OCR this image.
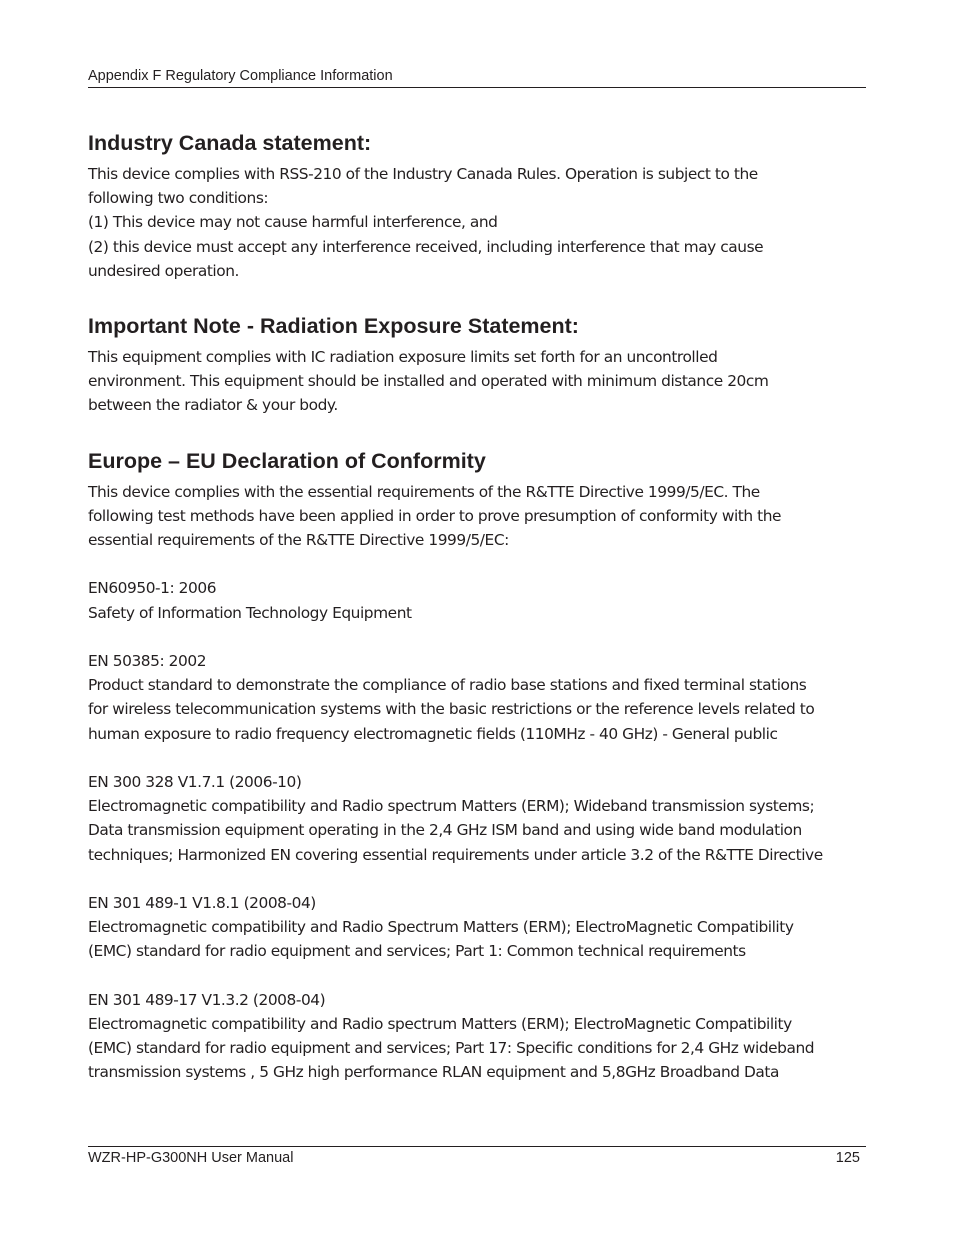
Appendix F Regulatory Compliance Information
Industry Canada statement:

This device complies with RSS-210 of the Industry Canada Rules. Operation is subject to the

following two conditions:

(1) This device may not cause harmful interference, and

(2) this device must accept any interference received, including interference that may cause

undesired operation.

Important Note - Radiation Exposure Statement:

This equipment complies with IC radiation exposure limits set forth for an uncontrolled

environment. This equipment should be installed and operated with minimum distance 20cm

between the radiator & your body.

Europe – EU Declaration of Conformity

This device complies with the essential requirements of the R&TTE Directive 1999/5/EC. The

following test methods have been applied in order to prove presumption of conformity with the

essential requirements of the R&TTE Directive 1999/5/EC:

EN60950-1: 2006

Safety of Information Technology Equipment

EN 50385: 2002

Product standard to demonstrate the compliance of radio base stations and ﬁxed terminal stations

for wireless telecommunication systems with the basic restrictions or the reference levels related to

human exposure to radio frequency electromagnetic ﬁelds (110MHz - 40 GHz) - General public

EN 300 328 V1.7.1 (2006-10)

Electromagnetic compatibility and Radio spectrum Matters (ERM); Wideband transmission systems;

Data transmission equipment operating in the 2,4 GHz ISM band and using wide band modulation

techniques; Harmonized EN covering essential requirements under article 3.2 of the R&TTE Directive

EN 301 489-1 V1.8.1 (2008-04)

Electromagnetic compatibility and Radio Spectrum Matters (ERM); ElectroMagnetic Compatibility

(EMC) standard for radio equipment and services; Part 1: Common technical requirements

EN 301 489-17 V1.3.2 (2008-04)

Electromagnetic compatibility and Radio spectrum Matters (ERM); ElectroMagnetic Compatibility

(EMC) standard for radio equipment and services; Part 17: Speciﬁc conditions for 2,4 GHz wideband

transmission systems , 5 GHz high performance RLAN equipment and 5,8GHz Broadband Data

WZR-HP-G300NH User Manual	125
